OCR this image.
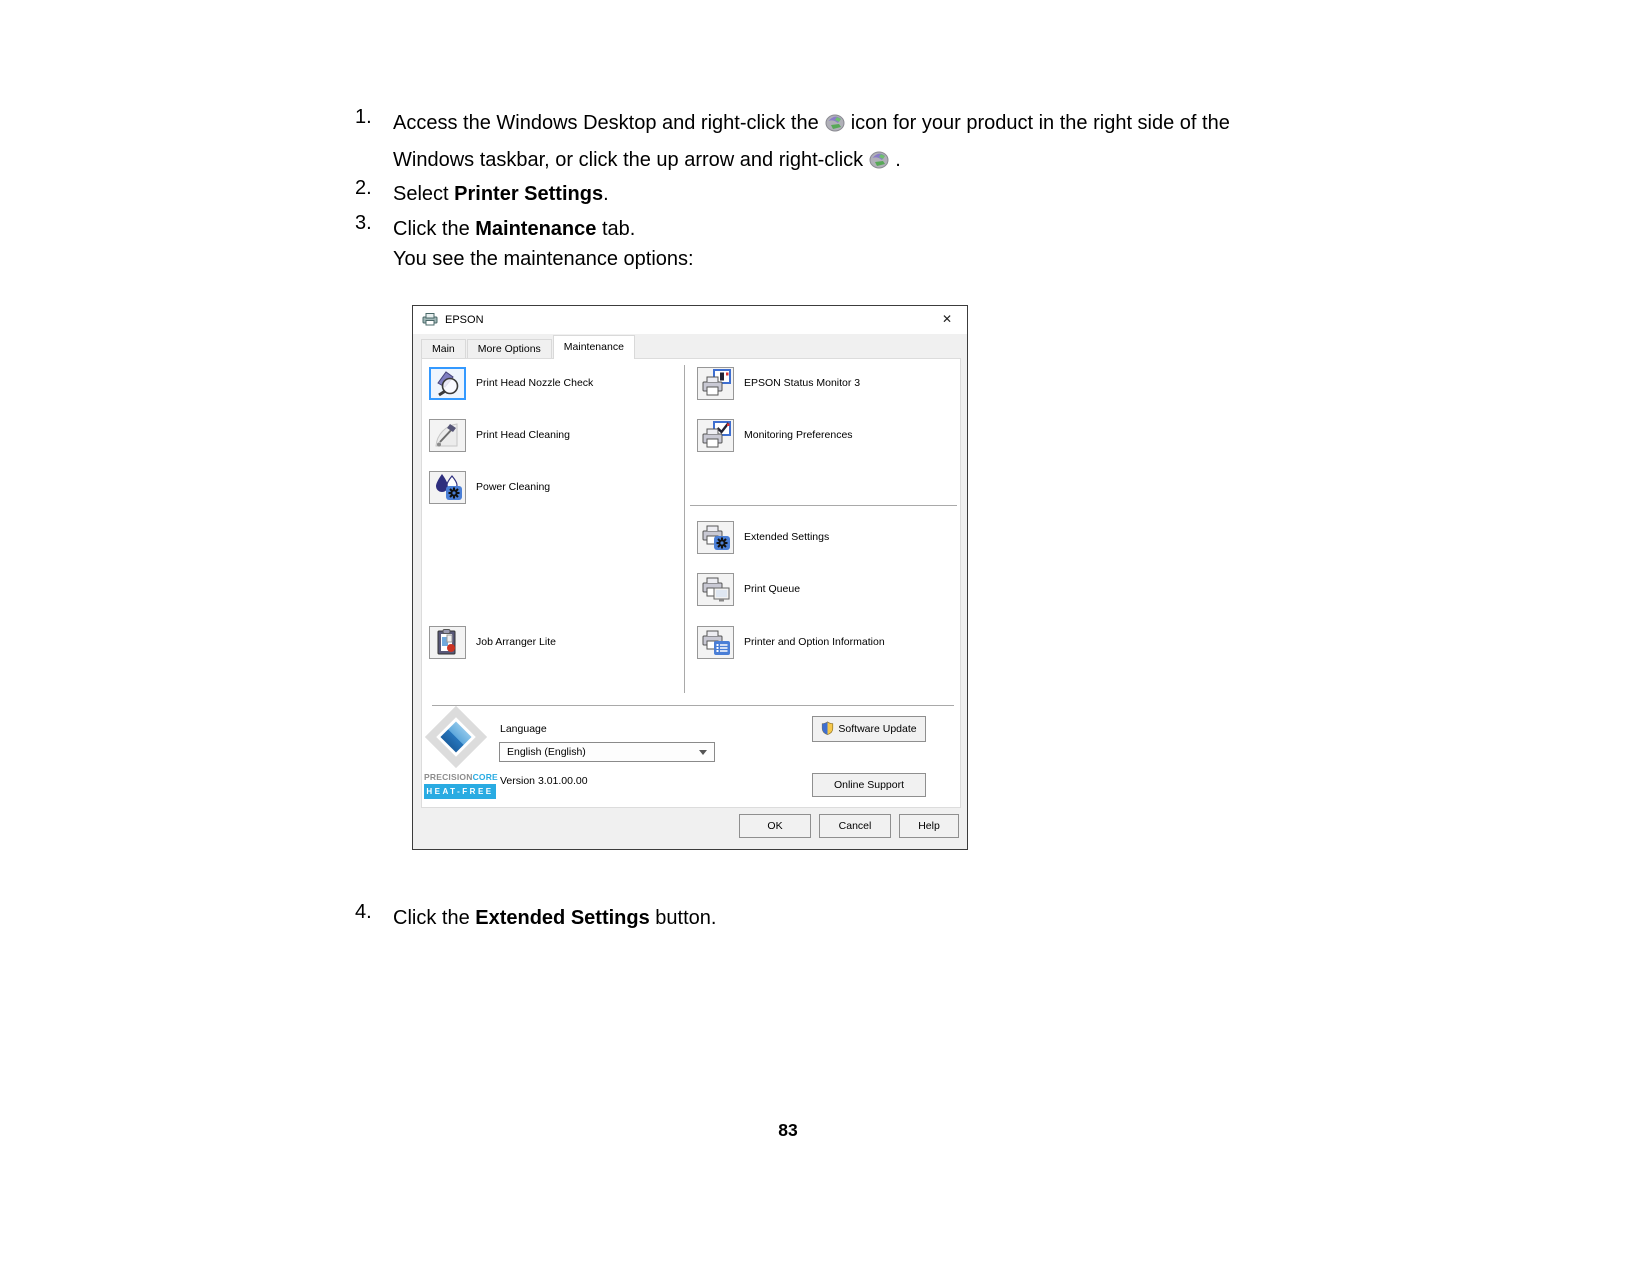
1.	Access the Windows Desktop and right-click the icon for your product in the right side of the
Windows taskbar, or click the up arrow and right-click .
2.	Select Printer Settings.
3.	Click the Maintenance tab.
You see the maintenance options:
EPSON	✕
Main	More Options	Maintenance
Print Head Nozzle Check
Print Head Cleaning
Power Cleaning
Job Arranger Lite
EPSON Status Monitor 3
Monitoring Preferences
Extended Settings
Print Queue
Printer and Option Information
PRECISIONCORE
HEAT-FREE
Language
English (English)
Version 3.01.00.00
Software Update
Online Support
OK	Cancel	Help
4.	Click the Extended Settings button.
83
